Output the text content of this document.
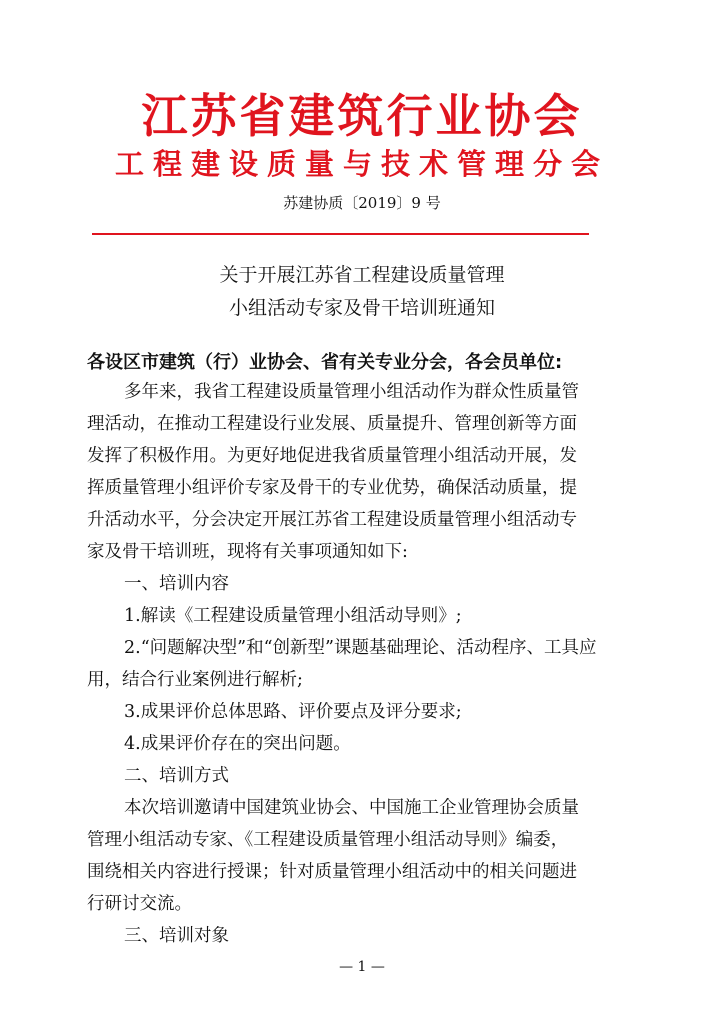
江苏省建筑行业协会
工程建设质量与技术管理分会
苏建协质〔2019〕9 号
关于开展江苏省工程建设质量管理
小组活动专家及骨干培训班通知
各设区市建筑（行）业协会、省有关专业分会，各会员单位:
多年来，我省工程建设质量管理小组活动作为群众性质量管
理活动，在推动工程建设行业发展、质量提升、管理创新等方面
发挥了积极作用。为更好地促进我省质量管理小组活动开展，发
挥质量管理小组评价专家及骨干的专业优势，确保活动质量，提
升活动水平，分会决定开展江苏省工程建设质量管理小组活动专
家及骨干培训班，现将有关事项通知如下:
一、培训内容
1.解读《工程建设质量管理小组活动导则》;
2.“问题解决型”和“创新型”课题基础理论、活动程序、工具应
用，结合行业案例进行解析;
3.成果评价总体思路、评价要点及评分要求;
4.成果评价存在的突出问题。
二、培训方式
本次培训邀请中国建筑业协会、中国施工企业管理协会质量
管理小组活动专家、《工程建设质量管理小组活动导则》编委，
围绕相关内容进行授课；针对质量管理小组活动中的相关问题进
行研讨交流。
三、培训对象
— 1 —
